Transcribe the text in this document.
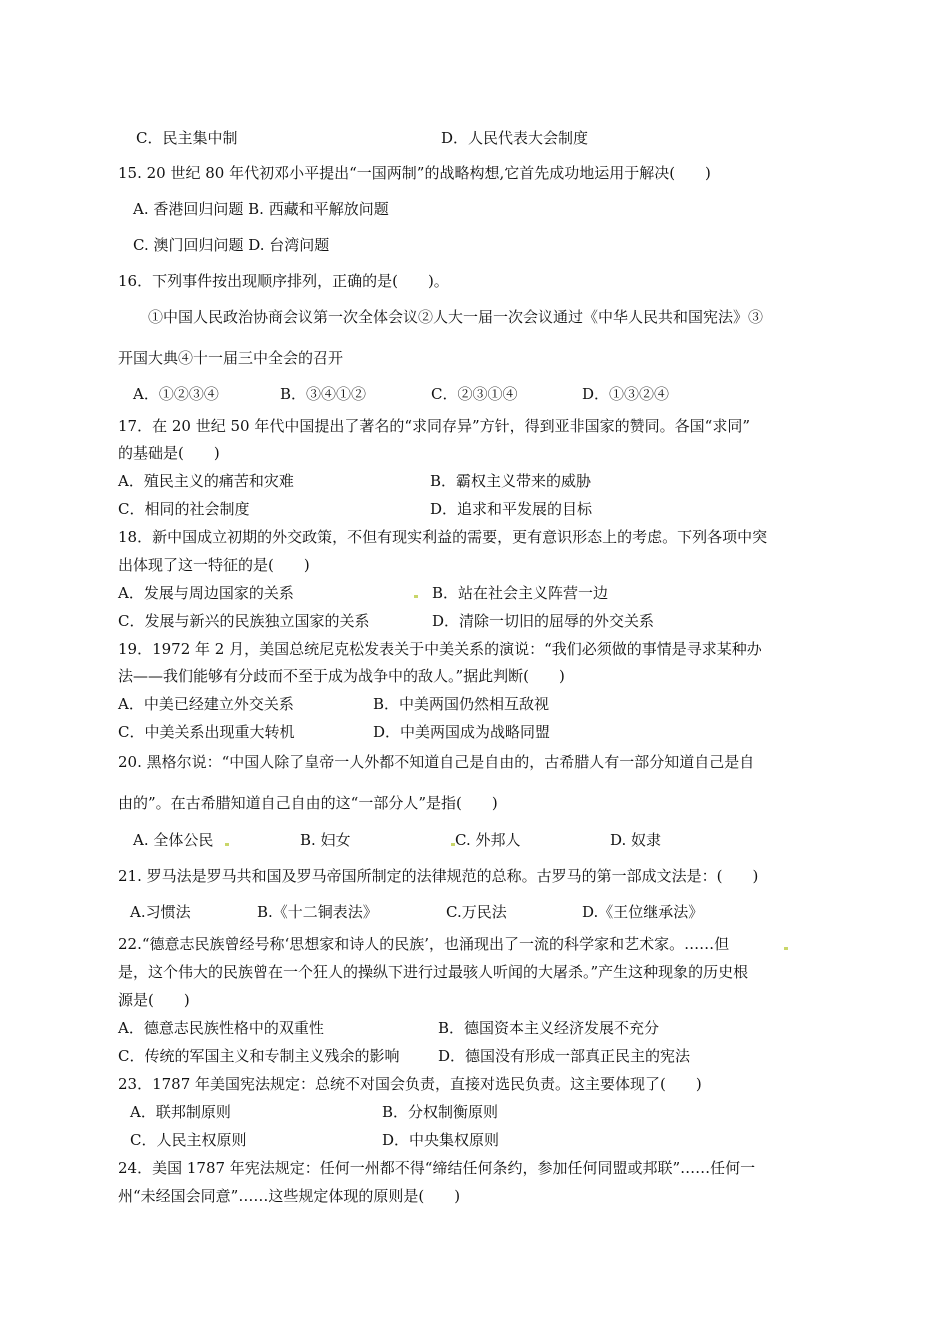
C．民主集中制	D．人民代表大会制度
15. 20 世纪 80 年代初邓小平提出“一国两制”的战略构想,它首先成功地运用于解决(　　)
A. 香港回归问题 B. 西藏和平解放问题
C. 澳门回归问题 D. 台湾问题
16．下列事件按出现顺序排列，正确的是(　　)。
①中国人民政治协商会议第一次全体会议②人大一届一次会议通过《中华人民共和国宪法》③
开国大典④十一届三中全会的召开
A．①②③④	B．③④①②	C．②③①④	D．①③②④
17．在 20 世纪 50 年代中国提出了著名的“求同存异”方针，得到亚非国家的赞同。各国“求同”
的基础是(　　)
A．殖民主义的痛苦和灾难	B．霸权主义带来的威胁
C．相同的社会制度	D．追求和平发展的目标
18．新中国成立初期的外交政策，不但有现实利益的需要，更有意识形态上的考虑。下列各项中突
出体现了这一特征的是(　　)
A．发展与周边国家的关系	B．站在社会主义阵营一边
C．发展与新兴的民族独立国家的关系	D．清除一切旧的屈辱的外交关系
19．1972 年 2 月，美国总统尼克松发表关于中美关系的演说：“我们必须做的事情是寻求某种办
法——我们能够有分歧而不至于成为战争中的敌人。”据此判断(　　)
A．中美已经建立外交关系	B．中美两国仍然相互敌视
C．中美关系出现重大转机	D．中美两国成为战略同盟
20. 黑格尔说：“中国人除了皇帝一人外都不知道自己是自由的，古希腊人有一部分知道自己是自
由的”。在古希腊知道自己自由的这“一部分人”是指(　　)
A. 全体公民	B. 妇女	C. 外邦人	D. 奴隶
21. 罗马法是罗马共和国及罗马帝国所制定的法律规范的总称。古罗马的第一部成文法是：(　　)
A.习惯法	B.《十二铜表法》	C.万民法	D.《王位继承法》
22.“德意志民族曾经号称‘思想家和诗人的民族’，也涌现出了一流的科学家和艺术家。……但
是，这个伟大的民族曾在一个狂人的操纵下进行过最骇人听闻的大屠杀。”产生这种现象的历史根
源是(　　)
A．德意志民族性格中的双重性	B．德国资本主义经济发展不充分
C．传统的军国主义和专制主义残余的影响	D．德国没有形成一部真正民主的宪法
23．1787 年美国宪法规定：总统不对国会负责，直接对选民负责。这主要体现了(　　)
A．联邦制原则	B．分权制衡原则
C．人民主权原则	D．中央集权原则
24．美国 1787 年宪法规定：任何一州都不得“缔结任何条约，参加任何同盟或邦联”……任何一
州“未经国会同意”……这些规定体现的原则是(　　)
